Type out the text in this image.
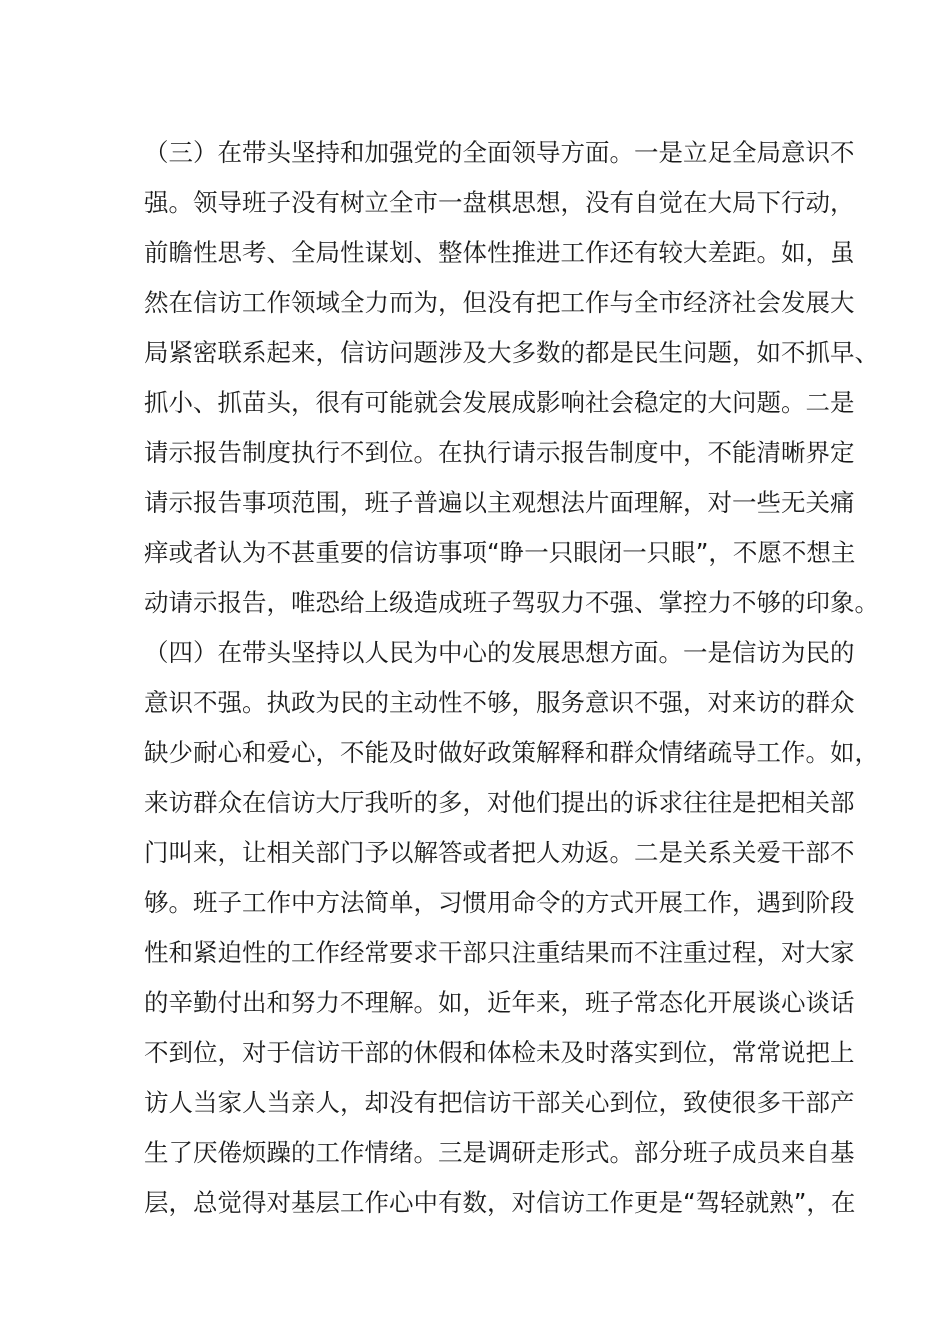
（三）在带头坚持和加强党的全面领导方面。一是立足全局意识不
强。领导班子没有树立全市一盘棋思想，没有自觉在大局下行动，
前瞻性思考、全局性谋划、整体性推进工作还有较大差距。如，虽
然在信访工作领域全力而为，但没有把工作与全市经济社会发展大
局紧密联系起来，信访问题涉及大多数的都是民生问题，如不抓早、
抓小、抓苗头，很有可能就会发展成影响社会稳定的大问题。二是
请示报告制度执行不到位。在执行请示报告制度中，不能清晰界定
请示报告事项范围，班子普遍以主观想法片面理解，对一些无关痛
痒或者认为不甚重要的信访事项“睁一只眼闭一只眼”，不愿不想主
动请示报告，唯恐给上级造成班子驾驭力不强、掌控力不够的印象。
（四）在带头坚持以人民为中心的发展思想方面。一是信访为民的
意识不强。执政为民的主动性不够，服务意识不强，对来访的群众
缺少耐心和爱心，不能及时做好政策解释和群众情绪疏导工作。如，
来访群众在信访大厅我听的多，对他们提出的诉求往往是把相关部
门叫来，让相关部门予以解答或者把人劝返。二是关系关爱干部不
够。班子工作中方法简单，习惯用命令的方式开展工作，遇到阶段
性和紧迫性的工作经常要求干部只注重结果而不注重过程，对大家
的辛勤付出和努力不理解。如，近年来，班子常态化开展谈心谈话
不到位，对于信访干部的休假和体检未及时落实到位，常常说把上
访人当家人当亲人，却没有把信访干部关心到位，致使很多干部产
生了厌倦烦躁的工作情绪。三是调研走形式。部分班子成员来自基
层，总觉得对基层工作心中有数，对信访工作更是“驾轻就熟”，在
